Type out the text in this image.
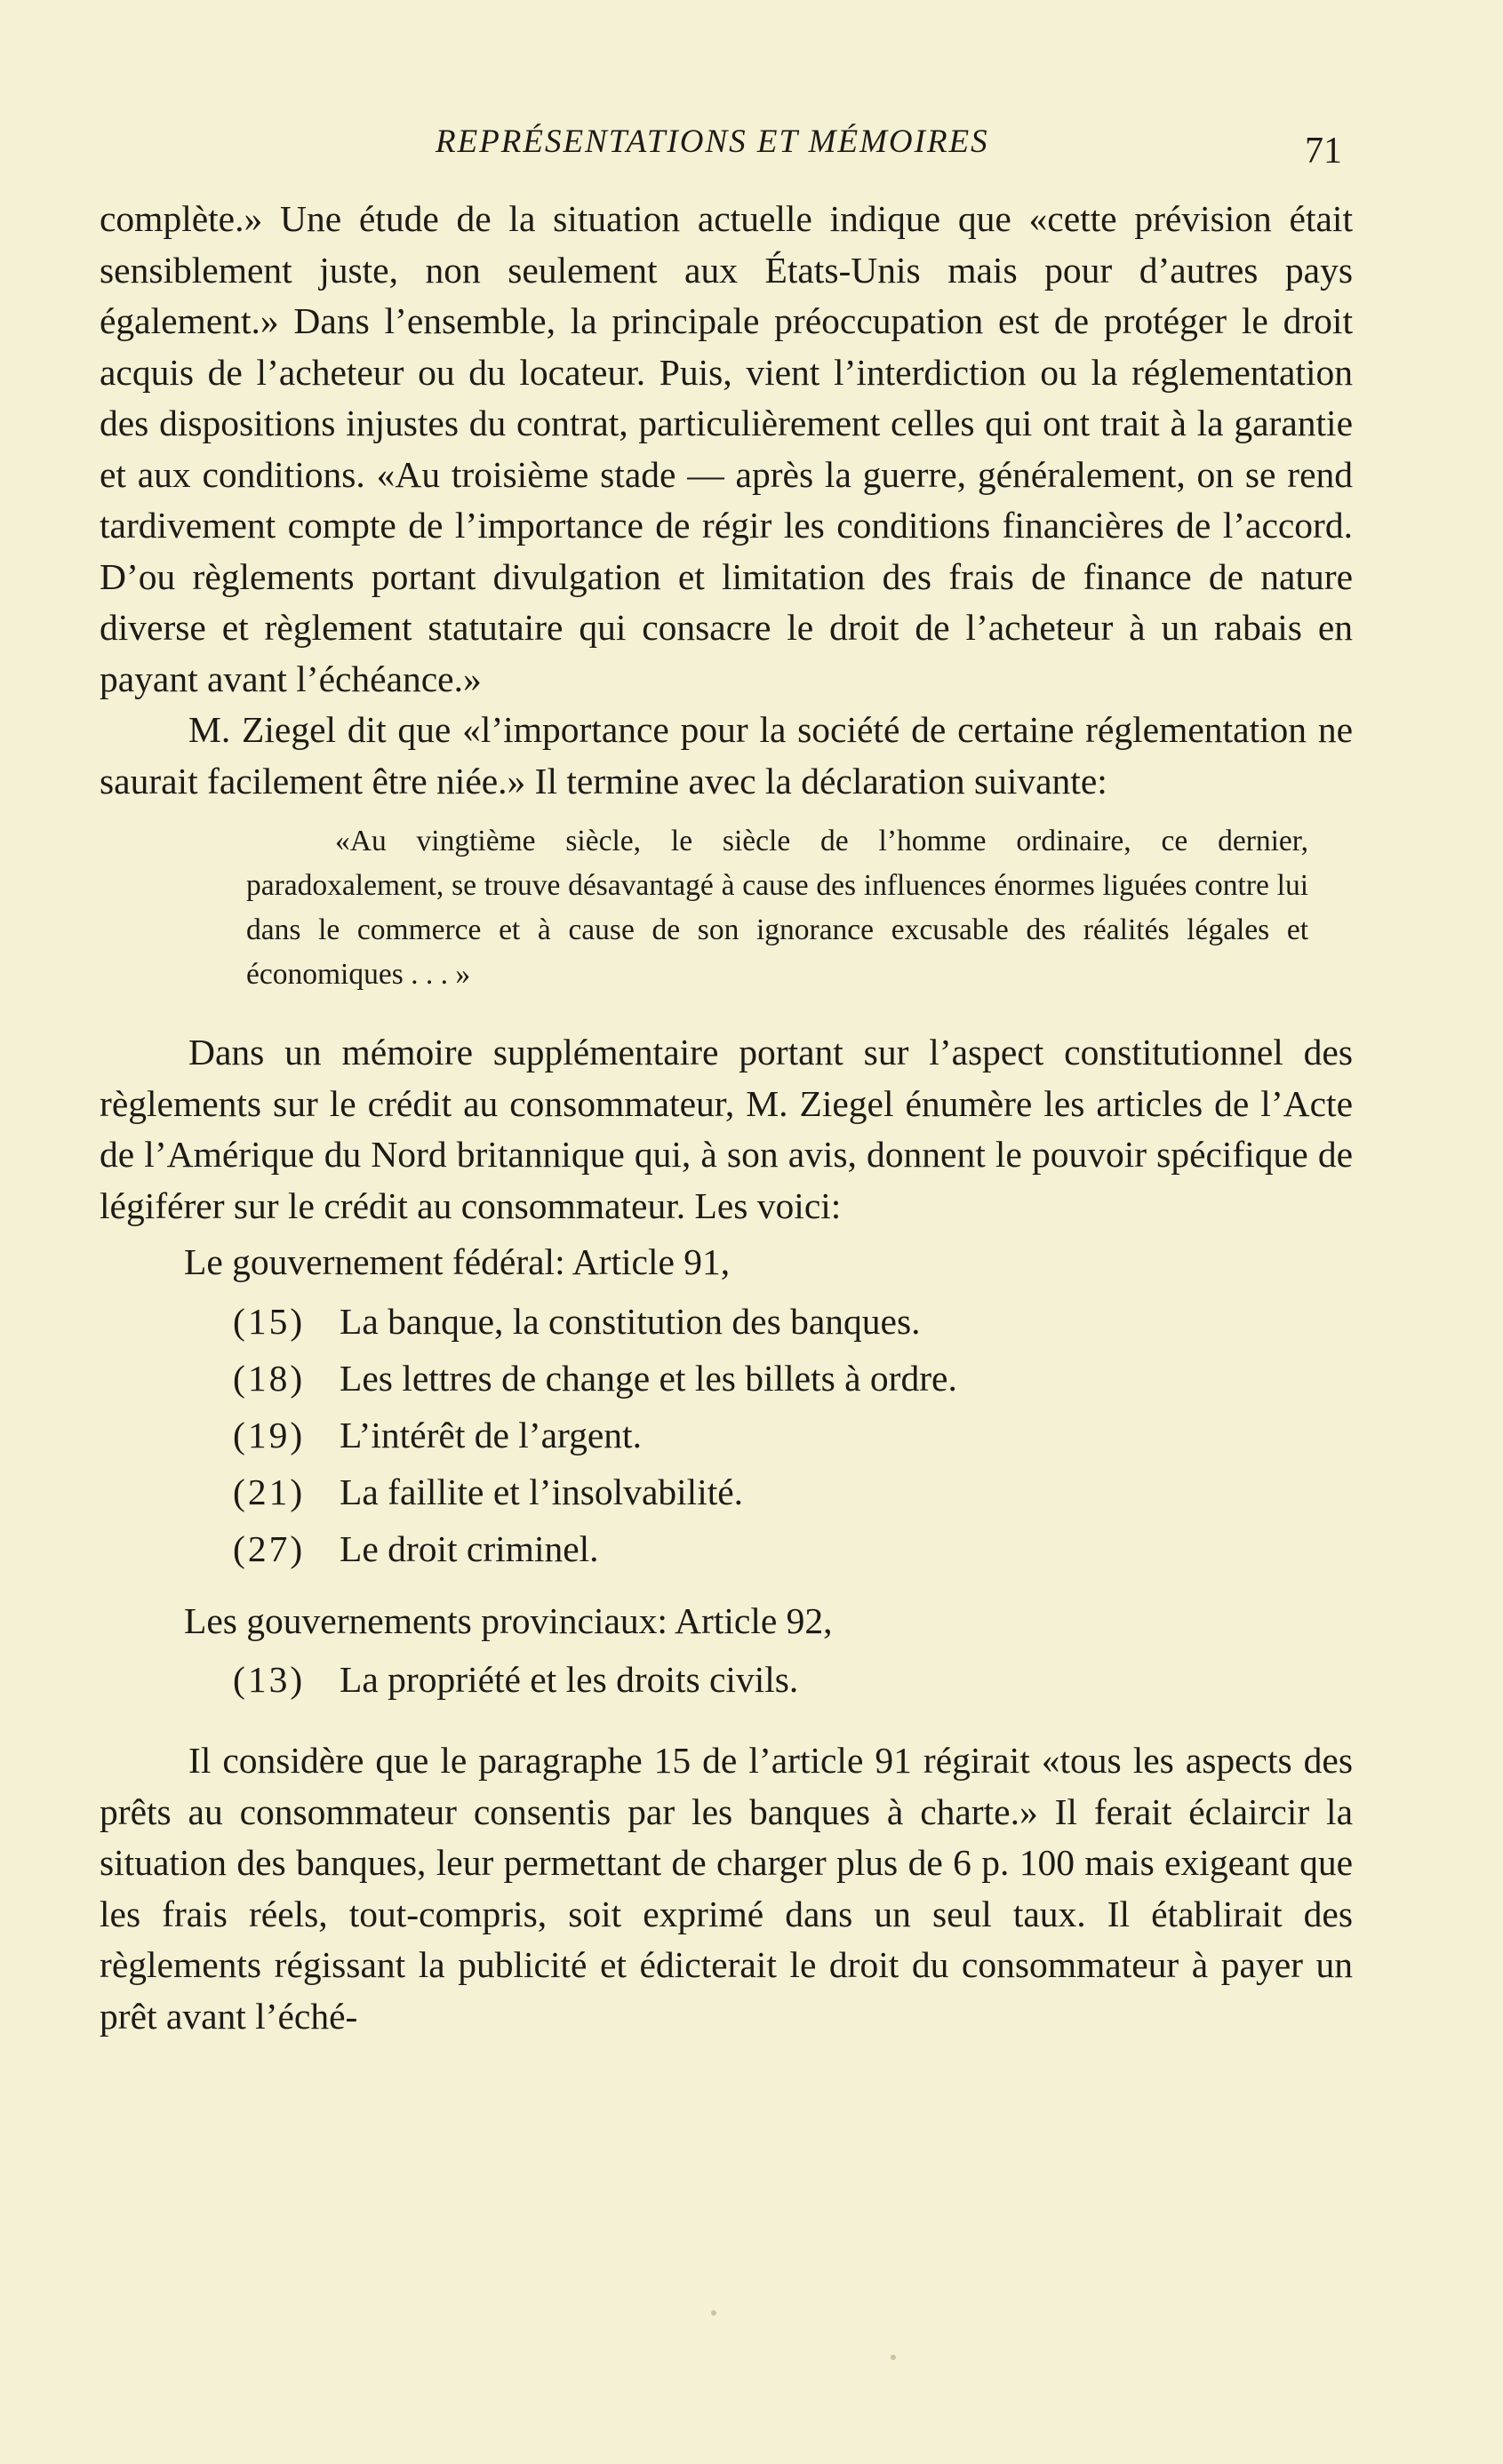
REPRÉSENTATIONS ET MÉMOIRES	71

complète.» Une étude de la situation actuelle indique que «cette prévision était sensiblement juste, non seulement aux États-Unis mais pour d’autres pays également.» Dans l’ensemble, la principale préoccupation est de protéger le droit acquis de l’acheteur ou du locateur. Puis, vient l’interdiction ou la réglementation des dispositions injustes du contrat, particulièrement celles qui ont trait à la garantie et aux conditions. «Au troisième stade — après la guerre, généralement, on se rend tardivement compte de l’importance de régir les conditions financières de l’accord. D’ou règlements portant divulgation et limitation des frais de finance de nature diverse et règlement statutaire qui consacre le droit de l’acheteur à un rabais en payant avant l’échéance.»

M. Ziegel dit que «l’importance pour la société de certaine réglementation ne saurait facilement être niée.» Il termine avec la déclaration suivante:

«Au vingtième siècle, le siècle de l’homme ordinaire, ce dernier, paradoxalement, se trouve désavantagé à cause des influences énormes liguées contre lui dans le commerce et à cause de son ignorance excusable des réalités légales et économiques . . . »

Dans un mémoire supplémentaire portant sur l’aspect constitutionnel des règlements sur le crédit au consommateur, M. Ziegel énumère les articles de l’Acte de l’Amérique du Nord britannique qui, à son avis, donnent le pouvoir spécifique de légiférer sur le crédit au consommateur. Les voici:

Le gouvernement fédéral: Article 91,

(15) La banque, la constitution des banques.
(18) Les lettres de change et les billets à ordre.
(19) L’intérêt de l’argent.
(21) La faillite et l’insolvabilité.
(27) Le droit criminel.

Les gouvernements provinciaux: Article 92,

(13) La propriété et les droits civils.

Il considère que le paragraphe 15 de l’article 91 régirait «tous les aspects des prêts au consommateur consentis par les banques à charte.» Il ferait éclaircir la situation des banques, leur permettant de charger plus de 6 p. 100 mais exigeant que les frais réels, tout-compris, soit exprimé dans un seul taux. Il établirait des règlements régissant la publicité et édicterait le droit du consommateur à payer un prêt avant l’éché-
